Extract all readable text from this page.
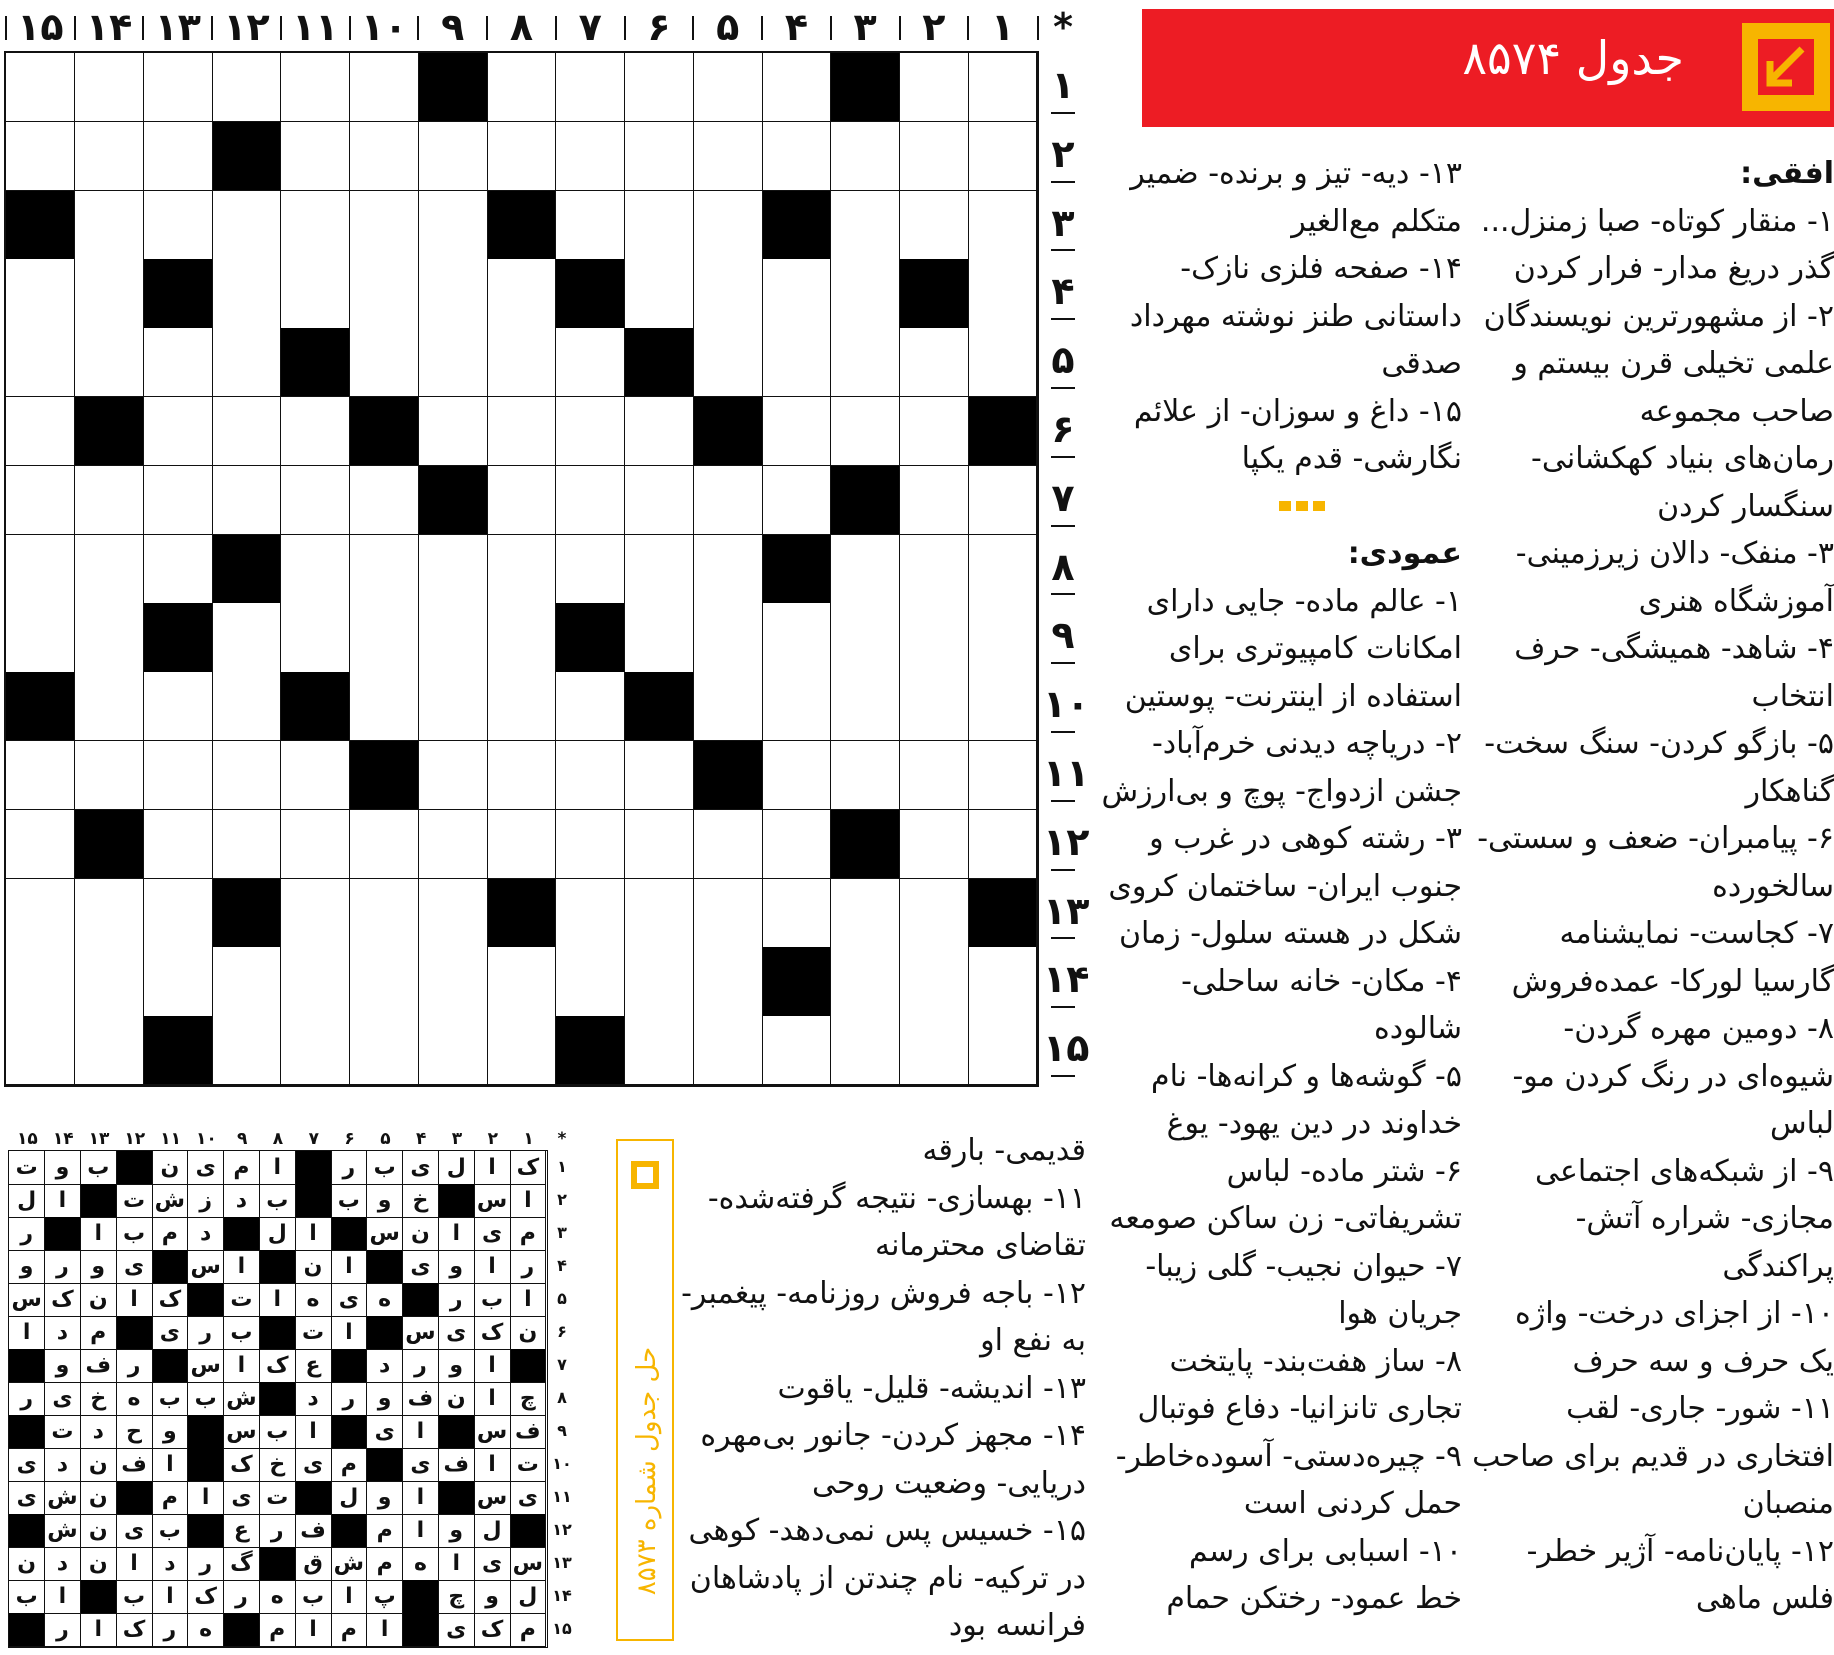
*
۱
۲
۳
۴
۵
۶
۷
۸
۹
۱۰
۱۱
۱۲
۱۳
۱۴
۱۵
۱
۲
۳
۴
۵
۶
۷
۸
۹
۱۰
۱۱
۱۲
۱۳
۱۴
۱۵
جدول ۸۵۷۴
افقی:
۱- منقار کوتاه- صبا زمنزل...
گذر دریغ مدار- فرار کردن
۲- از مشهورترین نویسندگان
علمی تخیلی قرن بیستم و
صاحب مجموعه
رمان‌های بنیاد کهکشانی-
سنگسار کردن
۳- منفک- دالان زیرزمینی-
آموزشگاه هنری
۴- شاهد- همیشگی- حرف
انتخاب
۵- بازگو کردن- سنگ سخت-
گناهکار
۶- پیامبران- ضعف و سستی-
سالخورده
۷- کجاست- نمایشنامه
گارسیا لورکا- عمده‌فروش
۸- دومین مهره گردن-
شیوه‌ای در رنگ کردن مو-
لباس
۹- از شبکه‌های اجتماعی
مجازی- شراره آتش-
پراکندگی
۱۰- از اجزای درخت- واژه‌
یک حرف و سه حرف
۱۱- شور- جاری- لقب
افتخاری در قدیم برای صاحب
منصبان
۱۲- پایان‌نامه- آژیر خطر-
فلس ماهی
۱۳- دیه- تیز و برنده- ضمیر
متکلم مع‌الغیر
۱۴- صفحه فلزی نازک-
داستانی طنز نوشته مهرداد
صدقی
۱۵- داغ و سوزان- از علائم
نگارشی- قدم یکپا
عمودی:
۱- عالم ماده- جایی دارای
امکانات کامپیوتری برای
استفاده از اینترنت- پوستین
۲- دریاچه دیدنی خرم‌آباد-
جشن ازدواج- پوچ و بی‌ارزش
۳- رشته کوهی در غرب و
جنوب ایران- ساختمان کروی
شکل در هسته سلول- زمان
۴- مکان- خانه ساحلی-
شالوده
۵- گوشه‌ها و کرانه‌ها- نام
خداوند در دین یهود- یوغ
۶- شتر ماده- لباس
تشریفاتی- زن ساکن صومعه
۷- حیوان نجیب- گلی زیبا-
جریان هوا
۸- ساز هفت‌بند- پایتخت
تجاری تانزانیا- دفاع فوتبال
۹- چیره‌دستی- آسوده‌خاطر-
حمل کردنی است
۱۰- اسبابی برای رسم
خط عمود- رختکن حمام
قدیمی- بارقه
۱۱- بهسازی- نتیجه گرفته‌شده-
تقاضای محترمانه
۱۲- باجه فروش روزنامه- پیغمبر-
به نفع او
۱۳- اندیشه- قلیل- یاقوت
۱۴- مجهز کردن- جانور بی‌مهره
دریایی- وضعیت روحی
۱۵- خسیس پس نمی‌دهد- کوهی
در ترکیه- نام چندتن از پادشاهان
فرانسه بود
*
۱
۲
۳
۴
۵
۶
۷
۸
۹
۱۰
۱۱
۱۲
۱۳
۱۴
۱۵
ک
ا
ل
ی
ب
ر
ا
م
ی
ن
ب
و
ت
ا
س
خ
و
ب
ب
د
ز
ش
ت
ا
ل
م
ی
ا
ن
س
ا
ل
د
م
ب
ا
ر
ر
ا
و
ی
ا
ن
ا
س
ی
و
ر
و
ا
ب
ر
ه
ی
ه
ا
ت
ک
ا
ن
ک
س
ن
ک
ی
س
ا
ت
ب
ر
ی
م
د
ا
ا
و
ر
د
ع
ک
ا
س
ر
ف
و
چ
ا
ن
ف
و
ر
د
ش
ب
ب
ه
خ
ی
ر
ف
س
ا
ی
ا
ب
س
و
ح
د
ت
ت
ا
ف
ی
م
ی
خ
ک
ا
ف
ن
د
ی
ی
س
ا
و
ل
ت
ی
ا
م
ن
ش
ی
ل
و
ا
م
ف
ر
ع
ب
ی
ن
ش
س
ی
ا
ه
م
ش
ق
گ
ر
د
ا
ن
د
ن
ل
و
چ
پ
ا
ب
ه
ر
ک
ا
ب
ا
ب
م
ک
ی
ا
م
ا
م
ه
ر
ک
ا
ر
۱
۲
۳
۴
۵
۶
۷
۸
۹
۱۰
۱۱
۱۲
۱۳
۱۴
۱۵
حل جدول شماره ۸۵۷۳
